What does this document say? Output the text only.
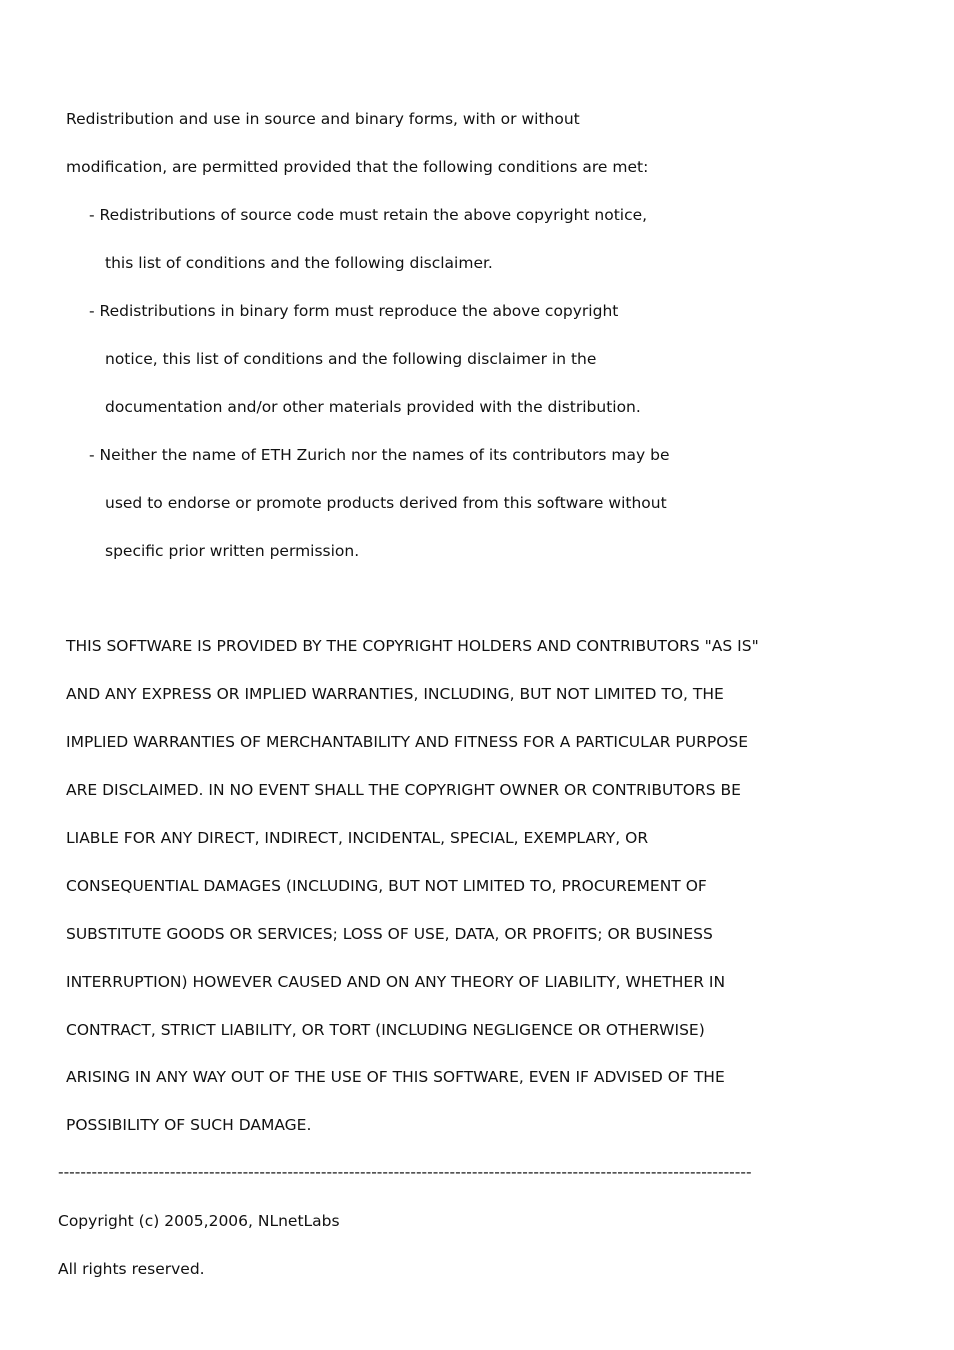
Redistribution and use in source and binary forms, with or without
modification, are permitted provided that the following conditions are met:
- Redistributions of source code must retain the above copyright notice,
this list of conditions and the following disclaimer.
- Redistributions in binary form must reproduce the above copyright
notice, this list of conditions and the following disclaimer in the
documentation and/or other materials provided with the distribution.
- Neither the name of ETH Zurich nor the names of its contributors may be
used to endorse or promote products derived from this software without
specific prior written permission.
THIS SOFTWARE IS PROVIDED BY THE COPYRIGHT HOLDERS AND CONTRIBUTORS "AS IS"
AND ANY EXPRESS OR IMPLIED WARRANTIES, INCLUDING, BUT NOT LIMITED TO, THE
IMPLIED WARRANTIES OF MERCHANTABILITY AND FITNESS FOR A PARTICULAR PURPOSE
ARE DISCLAIMED. IN NO EVENT SHALL THE COPYRIGHT OWNER OR CONTRIBUTORS BE
LIABLE FOR ANY DIRECT, INDIRECT, INCIDENTAL, SPECIAL, EXEMPLARY, OR
CONSEQUENTIAL DAMAGES (INCLUDING, BUT NOT LIMITED TO, PROCUREMENT OF
SUBSTITUTE GOODS OR SERVICES; LOSS OF USE, DATA, OR PROFITS; OR BUSINESS
INTERRUPTION) HOWEVER CAUSED AND ON ANY THEORY OF LIABILITY, WHETHER IN
CONTRACT, STRICT LIABILITY, OR TORT (INCLUDING NEGLIGENCE OR OTHERWISE)
ARISING IN ANY WAY OUT OF THE USE OF THIS SOFTWARE, EVEN IF ADVISED OF THE
POSSIBILITY OF SUCH DAMAGE.
----------------------------------------------------------------------------------------------------------------------------
Copyright (c) 2005,2006, NLnetLabs
All rights reserved.
